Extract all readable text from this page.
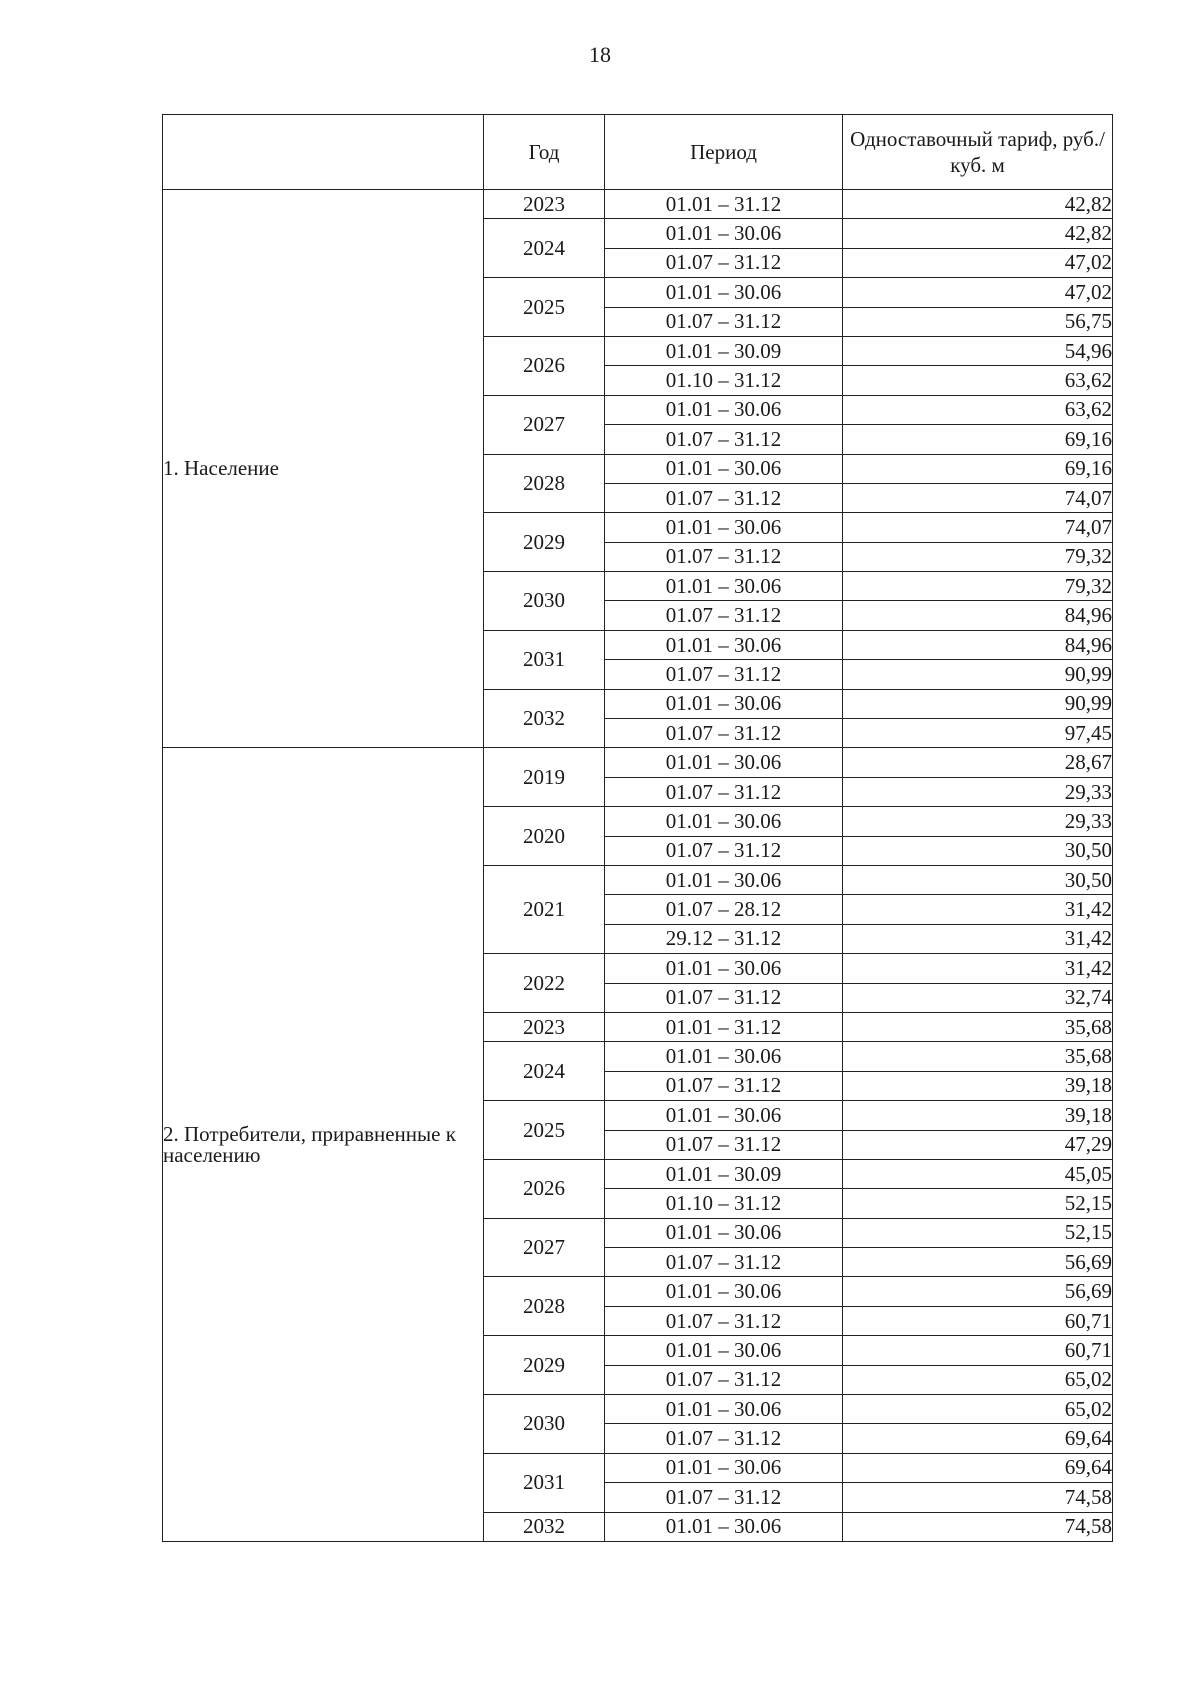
18
	Год	Период	Одноставочный тариф, руб./куб. м
1. Население	2023	01.01 – 31.12	42,82
	2024	01.01 – 30.06	42,82
		01.07 – 31.12	47,02
	2025	01.01 – 30.06	47,02
		01.07 – 31.12	56,75
	2026	01.01 – 30.09	54,96
		01.10 – 31.12	63,62
	2027	01.01 – 30.06	63,62
		01.07 – 31.12	69,16
	2028	01.01 – 30.06	69,16
		01.07 – 31.12	74,07
	2029	01.01 – 30.06	74,07
		01.07 – 31.12	79,32
	2030	01.01 – 30.06	79,32
		01.07 – 31.12	84,96
	2031	01.01 – 30.06	84,96
		01.07 – 31.12	90,99
	2032	01.01 – 30.06	90,99
		01.07 – 31.12	97,45
2. Потребители, приравненные к населению	2019	01.01 – 30.06	28,67
		01.07 – 31.12	29,33
	2020	01.01 – 30.06	29,33
		01.07 – 31.12	30,50
	2021	01.01 – 30.06	30,50
		01.07 – 28.12	31,42
		29.12 – 31.12	31,42
	2022	01.01 – 30.06	31,42
		01.07 – 31.12	32,74
	2023	01.01 – 31.12	35,68
	2024	01.01 – 30.06	35,68
		01.07 – 31.12	39,18
	2025	01.01 – 30.06	39,18
		01.07 – 31.12	47,29
	2026	01.01 – 30.09	45,05
		01.10 – 31.12	52,15
	2027	01.01 – 30.06	52,15
		01.07 – 31.12	56,69
	2028	01.01 – 30.06	56,69
		01.07 – 31.12	60,71
	2029	01.01 – 30.06	60,71
		01.07 – 31.12	65,02
	2030	01.01 – 30.06	65,02
		01.07 – 31.12	69,64
	2031	01.01 – 30.06	69,64
		01.07 – 31.12	74,58
	2032	01.01 – 30.06	74,58
